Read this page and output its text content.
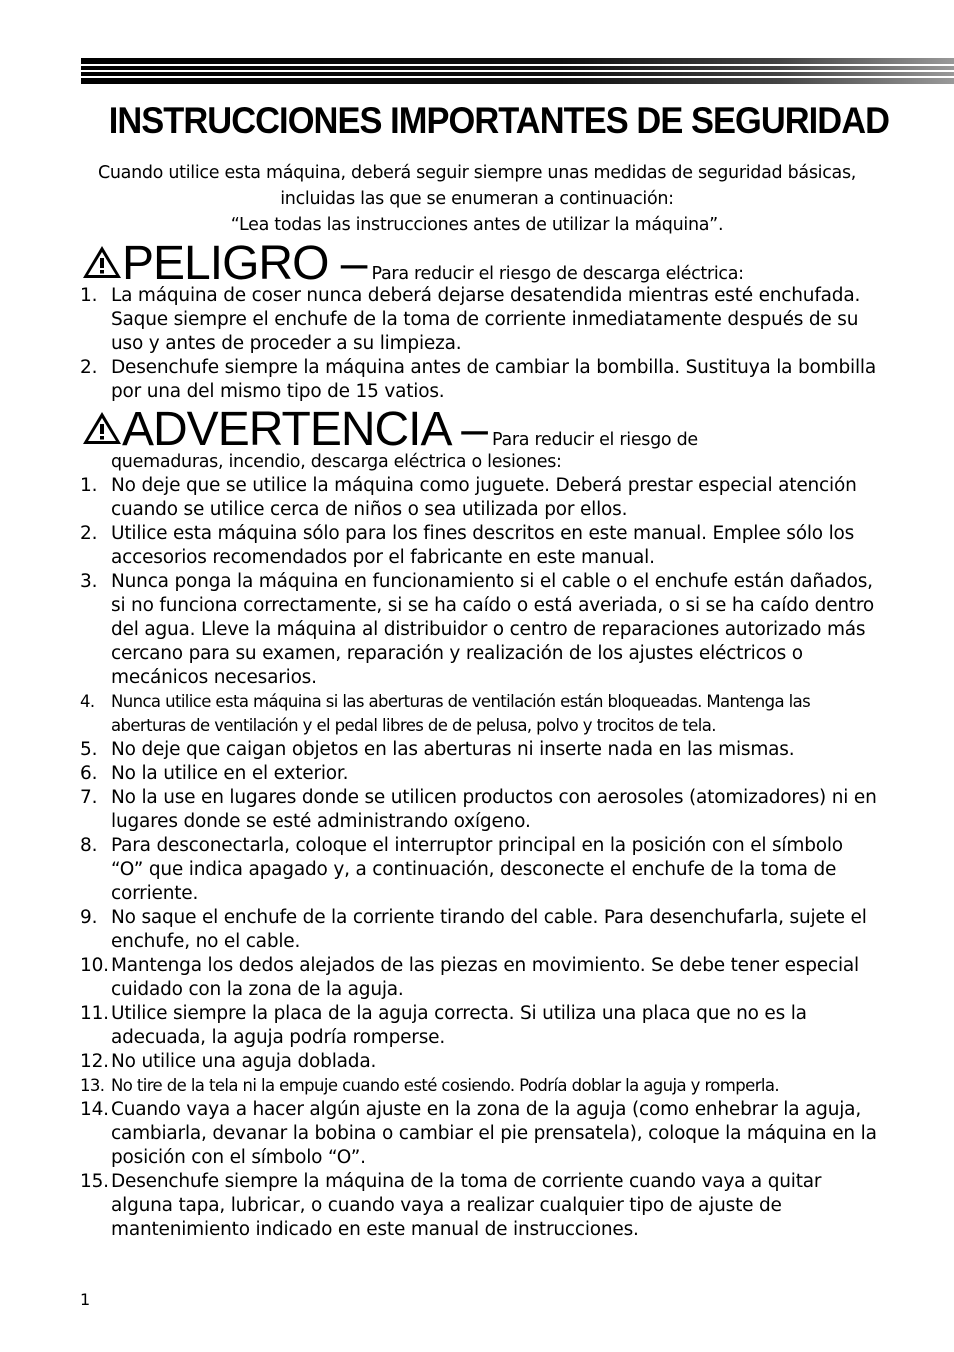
INSTRUCCIONES IMPORTANTES DE SEGURIDAD
Cuando utilice esta máquina, deberá seguir siempre unas medidas de seguridad básicas,
incluidas las que se enumeran a continuación:
“Lea todas las instrucciones antes de utilizar la máquina”.
PELIGRO – Para reducir el riesgo de descarga eléctrica:
1. La máquina de coser nunca deberá dejarse desatendida mientras esté enchufada. Saque siempre el enchufe de la toma de corriente inmediatamente después de su uso y antes de proceder a su limpieza.
2. Desenchufe siempre la máquina antes de cambiar la bombilla. Sustituya la bombilla por una del mismo tipo de 15 vatios.
ADVERTENCIA – Para reducir el riesgo de
quemaduras, incendio, descarga eléctrica o lesiones:
1. No deje que se utilice la máquina como juguete. Deberá prestar especial atención cuando se utilice cerca de niños o sea utilizada por ellos.
2. Utilice esta máquina sólo para los fines descritos en este manual. Emplee sólo los accesorios recomendados por el fabricante en este manual.
3. Nunca ponga la máquina en funcionamiento si el cable o el enchufe están dañados, si no funciona correctamente, si se ha caído o está averiada, o si se ha caído dentro del agua. Lleve la máquina al distribuidor o centro de reparaciones autorizado más cercano para su examen, reparación y realización de los ajustes eléctricos o mecánicos necesarios.
4. Nunca utilice esta máquina si las aberturas de ventilación están bloqueadas. Mantenga las aberturas de ventilación y el pedal libres de de pelusa, polvo y trocitos de tela.
5. No deje que caigan objetos en las aberturas ni inserte nada en las mismas.
6. No la utilice en el exterior.
7. No la use en lugares donde se utilicen productos con aerosoles (atomizadores) ni en lugares donde se esté administrando oxígeno.
8. Para desconectarla, coloque el interruptor principal en la posición con el símbolo “O” que indica apagado y, a continuación, desconecte el enchufe de la toma de corriente.
9. No saque el enchufe de la corriente tirando del cable. Para desenchufarla, sujete el enchufe, no el cable.
10. Mantenga los dedos alejados de las piezas en movimiento. Se debe tener especial cuidado con la zona de la aguja.
11. Utilice siempre la placa de la aguja correcta. Si utiliza una placa que no es la adecuada, la aguja podría romperse.
12. No utilice una aguja doblada.
13. No tire de la tela ni la empuje cuando esté cosiendo. Podría doblar la aguja y romperla.
14. Cuando vaya a hacer algún ajuste en la zona de la aguja (como enhebrar la aguja, cambiarla, devanar la bobina o cambiar el pie prensatela), coloque la máquina en la posición con el símbolo “O”.
15. Desenchufe siempre la máquina de la toma de corriente cuando vaya a quitar alguna tapa, lubricar, o cuando vaya a realizar cualquier tipo de ajuste de mantenimiento indicado en este manual de instrucciones.
1
